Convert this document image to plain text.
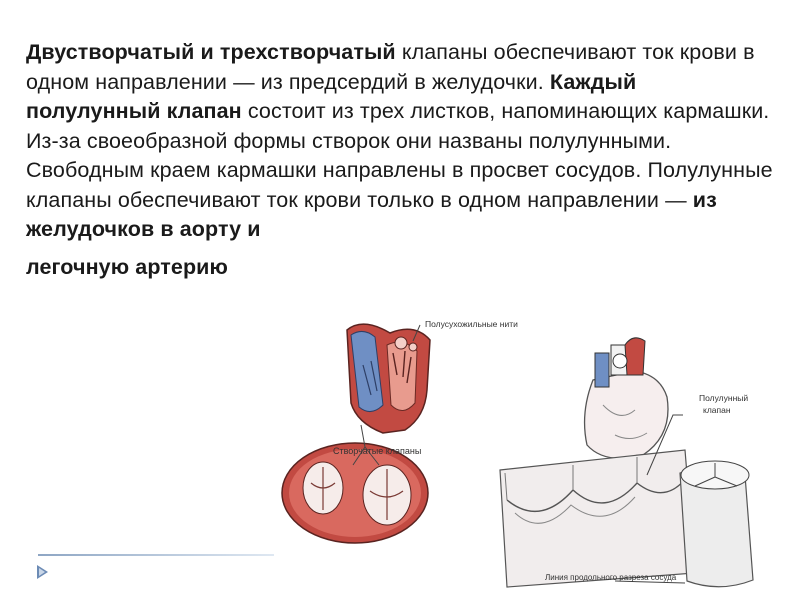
Двустворчатый и трехстворчатый клапаны обеспечивают ток крови в одном направлении — из предсердий в желудочки. Каждый полулунный клапан состоит из трех листков, напоминающих кармашки. Из-за своеобразной формы створок они названы полулунными. Свободным краем кармашки направлены в просвет сосудов. Полулунные клапаны обеспечивают ток крови только в одном направлении — из желудочков в аорту и
легочную артерию
Полусухожильные нити
Створчатые клапаны
Полулунный
клапан
Линия продольного разреза сосуда
